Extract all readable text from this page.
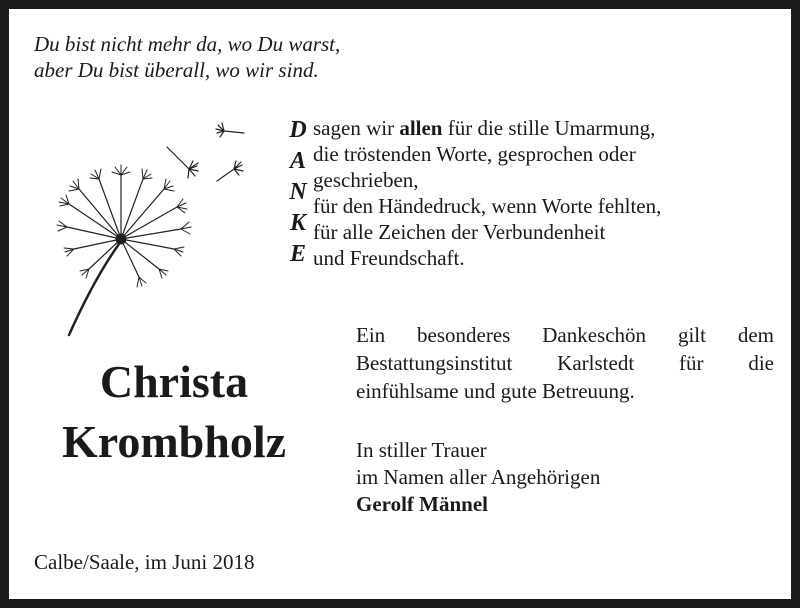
Du bist nicht mehr da, wo Du warst,
aber Du bist überall, wo wir sind.
D
A
N
K
E
sagen wir allen für die stille Umarmung,
die tröstenden Worte, gesprochen oder
geschrieben,
für den Händedruck, wenn Worte fehlten,
für alle Zeichen der Verbundenheit
und Freundschaft.
Christa
Krombholz
Ein besonderes Dankeschön gilt dem
Bestattungsinstitut Karlstedt für die
einfühlsame und gute Betreuung.
In stiller Trauer
im Namen aller Angehörigen
Gerolf Männel
Calbe/Saale, im Juni 2018
